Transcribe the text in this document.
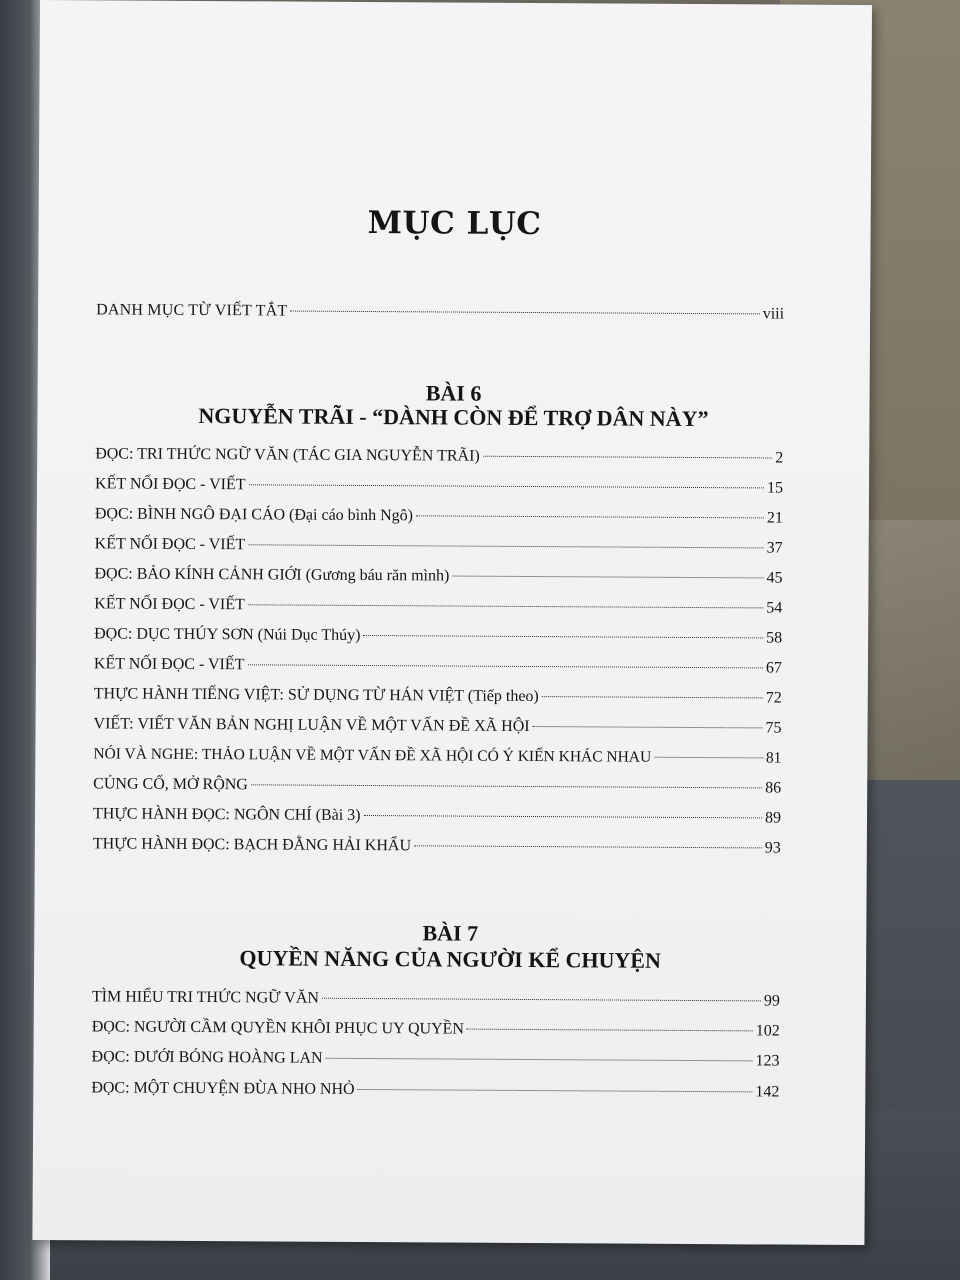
MỤC LỤC
DANH MỤC TỪ VIẾT TẮT	viii
BÀI 6
NGUYỄN TRÃI - “DÀNH CÒN ĐỂ TRỢ DÂN NÀY”
ĐỌC: TRI THỨC NGỮ VĂN (TÁC GIA NGUYỄN TRÃI)	2
KẾT NỐI ĐỌC - VIẾT	15
ĐỌC: BÌNH NGÔ ĐẠI CÁO (Đại cáo bình Ngô)	21
KẾT NỐI ĐỌC - VIẾT	37
ĐỌC: BẢO KÍNH CẢNH GIỚI (Gương báu răn mình)	45
KẾT NỐI ĐỌC - VIẾT	54
ĐỌC: DỤC THÚY SƠN (Núi Dục Thúy)	58
KẾT NỐI ĐỌC - VIẾT	67
THỰC HÀNH TIẾNG VIỆT: SỬ DỤNG TỪ HÁN VIỆT (Tiếp theo)	72
VIẾT: VIẾT VĂN BẢN NGHỊ LUẬN VỀ MỘT VẤN ĐỀ XÃ HỘI	75
NÓI VÀ NGHE: THẢO LUẬN VỀ MỘT VẤN ĐỀ XÃ HỘI CÓ Ý KIẾN KHÁC NHAU	81
CỦNG CỐ, MỞ RỘNG	86
THỰC HÀNH ĐỌC: NGÔN CHÍ (Bài 3)	89
THỰC HÀNH ĐỌC: BẠCH ĐẰNG HẢI KHẨU	93
BÀI 7
QUYỀN NĂNG CỦA NGƯỜI KỂ CHUYỆN
TÌM HIỂU TRI THỨC NGỮ VĂN	99
ĐỌC: NGƯỜI CẦM QUYỀN KHÔI PHỤC UY QUYỀN	102
ĐỌC: DƯỚI BÓNG HOÀNG LAN	123
ĐỌC: MỘT CHUYỆN ĐÙA NHO NHỎ	142
